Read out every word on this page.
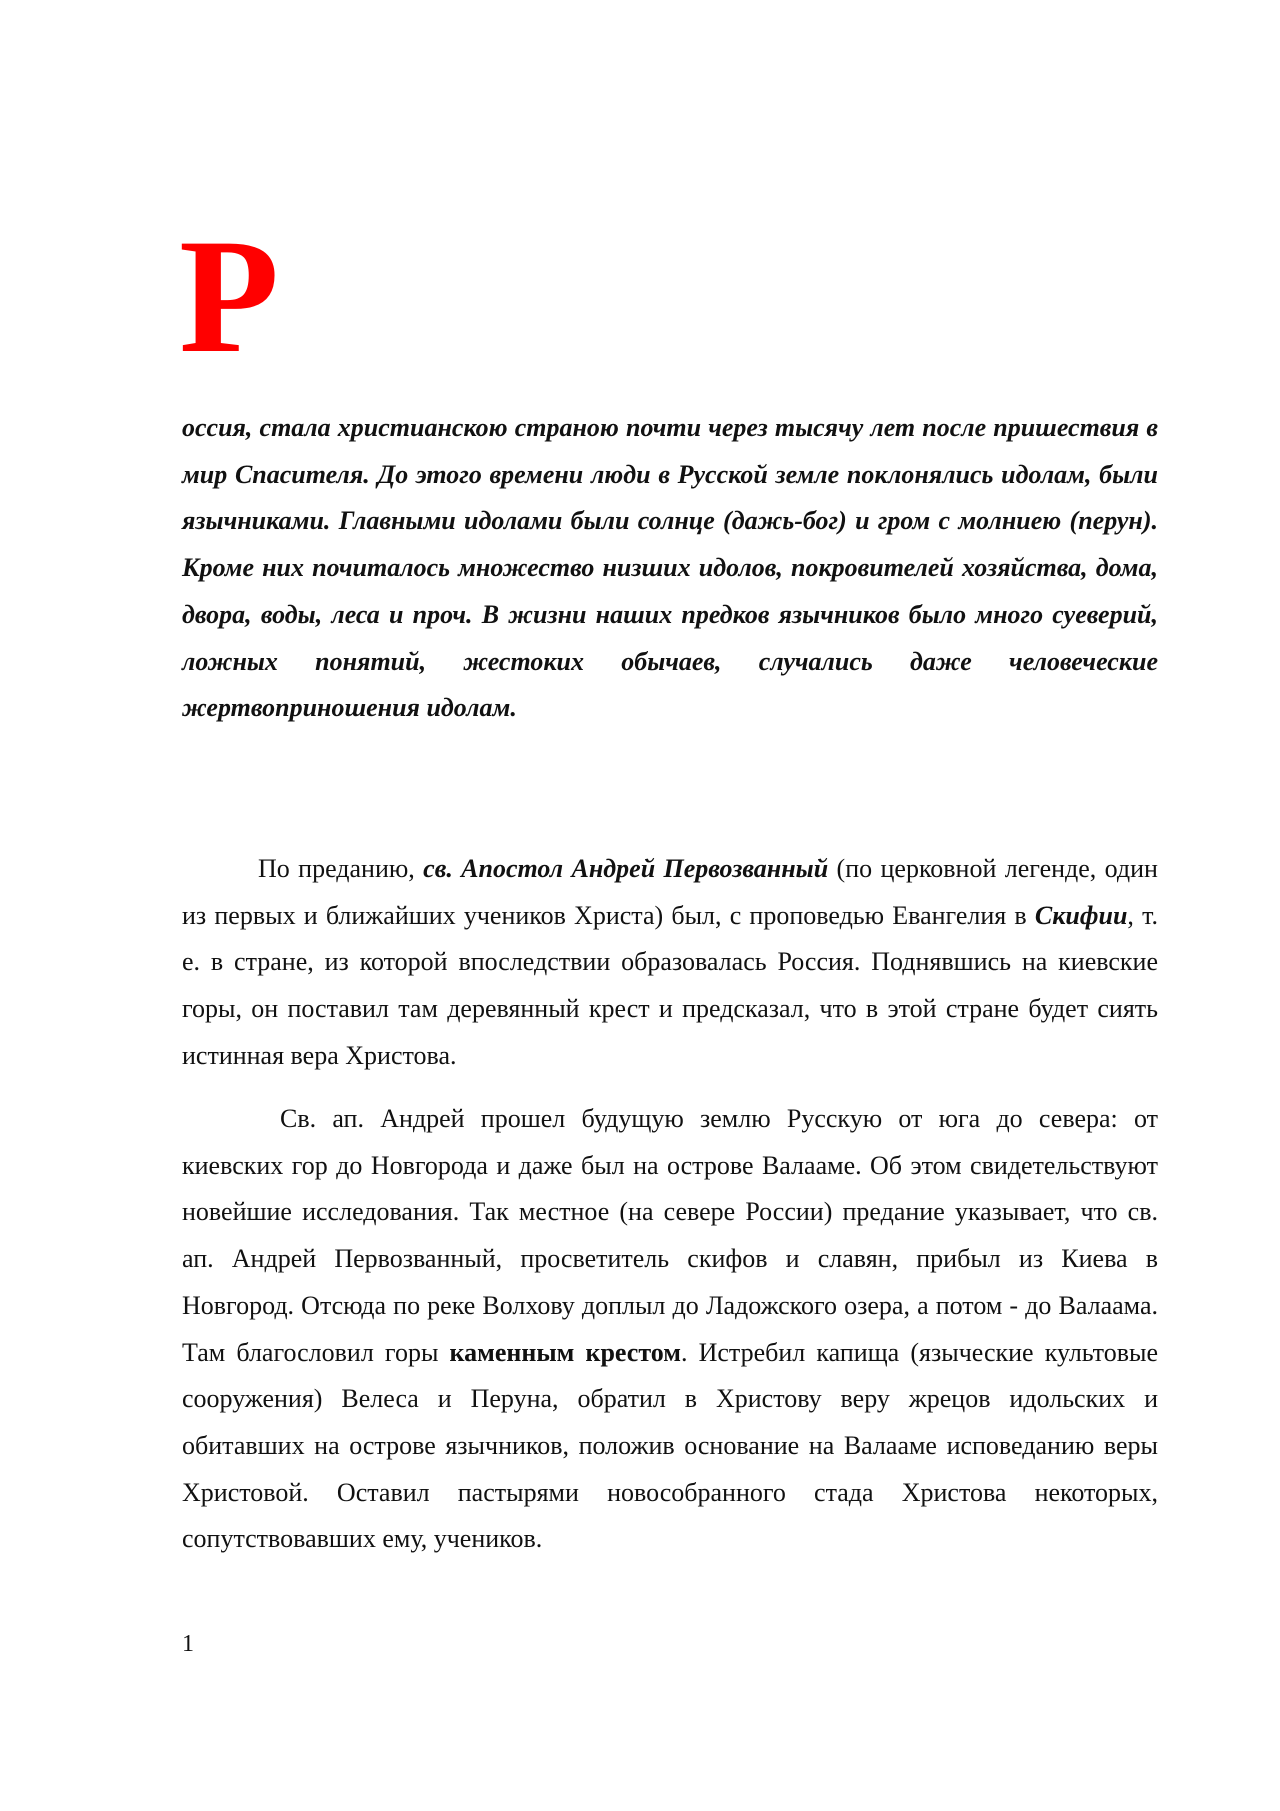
Р

оссия, стала христианскою страною почти через тысячу лет после пришествия в мир Спасителя. До этого времени люди в Русской земле поклонялись идолам, были язычниками. Главными идолами были солнце (дажь-бог) и гром с молниею (перун). Кроме них почиталось множество низших идолов, покровителей хозяйства, дома, двора, воды, леса и проч. В жизни наших предков язычников было много суеверий, ложных понятий, жестоких обычаев, случались даже человеческие жертвоприношения идолам.

По преданию, св. Апостол Андрей Первозванный (по церковной легенде, один из первых и ближайших учеников Христа) был, с проповедью Евангелия в Скифии, т. е. в стране, из которой впоследствии образовалась Россия. Поднявшись на киевские горы, он поставил там деревянный крест и предсказал, что в этой стране будет сиять истинная вера Христова.

Св. ап. Андрей прошел будущую землю Русскую от юга до севера: от киевских гор до Новгорода и даже был на острове Валааме. Об этом свидетельствуют новейшие исследования. Так местное (на севере России) предание указывает, что св. ап. Андрей Первозванный, просветитель скифов и славян, прибыл из Киева в Новгород. Отсюда по реке Волхову доплыл до Ладожского озера, а потом - до Валаама. Там благословил горы каменным крестом. Истребил капища (языческие культовые сооружения) Велеса и Перуна, обратил в Христову веру жрецов идольских и обитавших на острове язычников, положив основание на Валааме исповеданию веры Христовой. Оставил пастырями новособранного стада Христова некоторых, сопутствовавших ему, учеников.

1
